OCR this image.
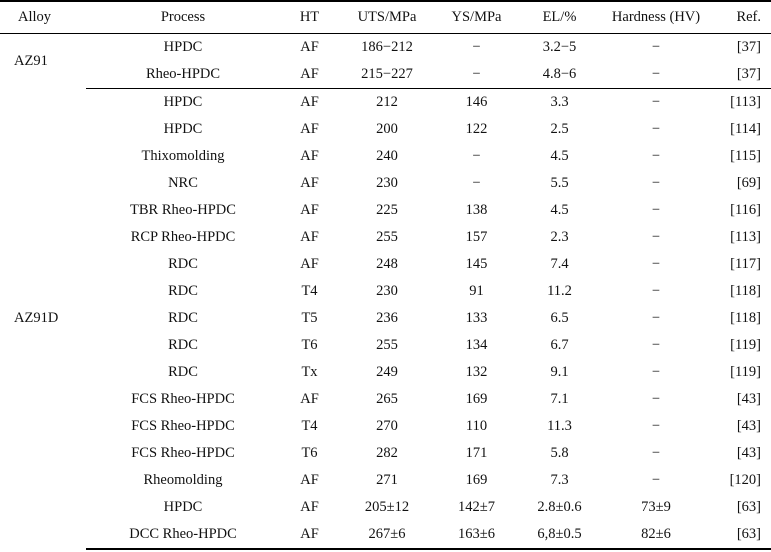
Alloy	Process	HT	UTS/MPa	YS/MPa	EL/%	Hardness (HV)	Ref.
AZ91	HPDC	AF	186−212	−	3.2−5	−	[37]
	Rheo-HPDC	AF	215−227	−	4.8−6	−	[37]
AZ91D	HPDC	AF	212	146	3.3	−	[113]
	HPDC	AF	200	122	2.5	−	[114]
	Thixomolding	AF	240	−	4.5	−	[115]
	NRC	AF	230	−	5.5	−	[69]
	TBR Rheo-HPDC	AF	225	138	4.5	−	[116]
	RCP Rheo-HPDC	AF	255	157	2.3	−	[113]
	RDC	AF	248	145	7.4	−	[117]
	RDC	T4	230	91	11.2	−	[118]
	RDC	T5	236	133	6.5	−	[118]
	RDC	T6	255	134	6.7	−	[119]
	RDC	Tx	249	132	9.1	−	[119]
	FCS Rheo-HPDC	AF	265	169	7.1	−	[43]
	FCS Rheo-HPDC	T4	270	110	11.3	−	[43]
	FCS Rheo-HPDC	T6	282	171	5.8	−	[43]
	Rheomolding	AF	271	169	7.3	−	[120]
	HPDC	AF	205±12	142±7	2.8±0.6	73±9	[63]
	DCC Rheo-HPDC	AF	267±6	163±6	6,8±0.5	82±6	[63]
